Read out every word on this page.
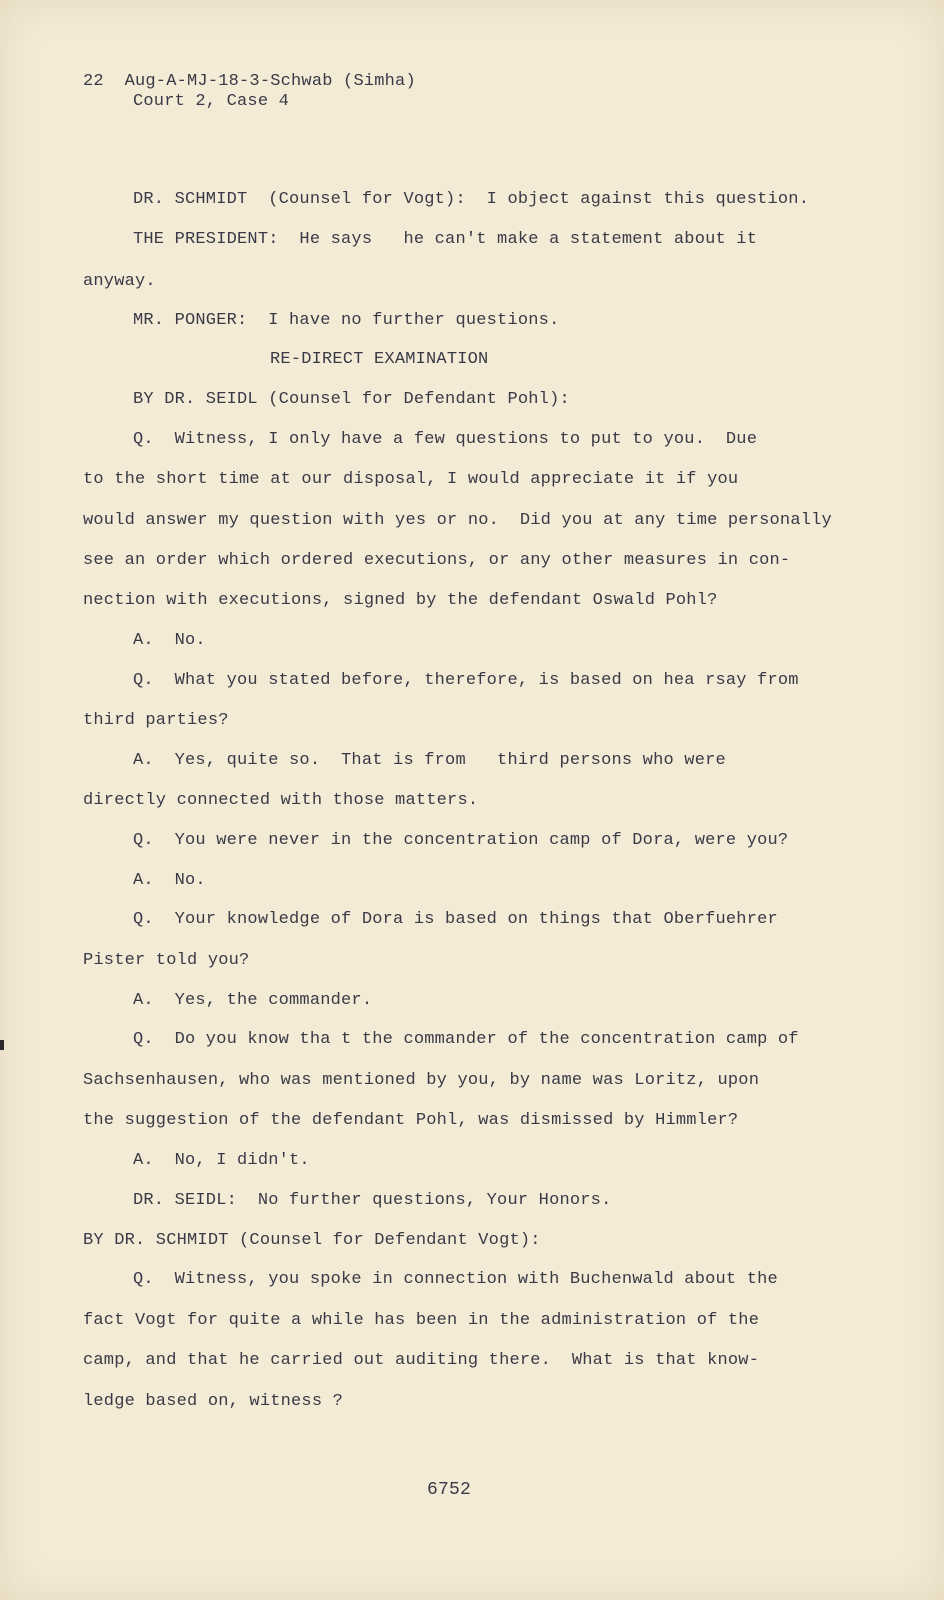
22  Aug-A-MJ-18-3-Schwab (Simha)
Court 2, Case 4
DR. SCHMIDT  (Counsel for Vogt):  I object against this question.
THE PRESIDENT:  He says   he can't make a statement about it
anyway.
MR. PONGER:  I have no further questions.
RE-DIRECT EXAMINATION
BY DR. SEIDL (Counsel for Defendant Pohl):
Q.  Witness, I only have a few questions to put to you.  Due
to the short time at our disposal, I would appreciate it if you
would answer my question with yes or no.  Did you at any time personally
see an order which ordered executions, or any other measures in con-
nection with executions, signed by the defendant Oswald Pohl?
A.  No.
Q.  What you stated before, therefore, is based on hea rsay from
third parties?
A.  Yes, quite so.  That is from   third persons who were
directly connected with those matters.
Q.  You were never in the concentration camp of Dora, were you?
A.  No.
Q.  Your knowledge of Dora is based on things that Oberfuehrer
Pister told you?
A.  Yes, the commander.
Q.  Do you know tha t the commander of the concentration camp of
Sachsenhausen, who was mentioned by you, by name was Loritz, upon
the suggestion of the defendant Pohl, was dismissed by Himmler?
A.  No, I didn't.
DR. SEIDL:  No further questions, Your Honors.
BY DR. SCHMIDT (Counsel for Defendant Vogt):
Q.  Witness, you spoke in connection with Buchenwald about the
fact Vogt for quite a while has been in the administration of the
camp, and that he carried out auditing there.  What is that know-
ledge based on, witness ?
6752
